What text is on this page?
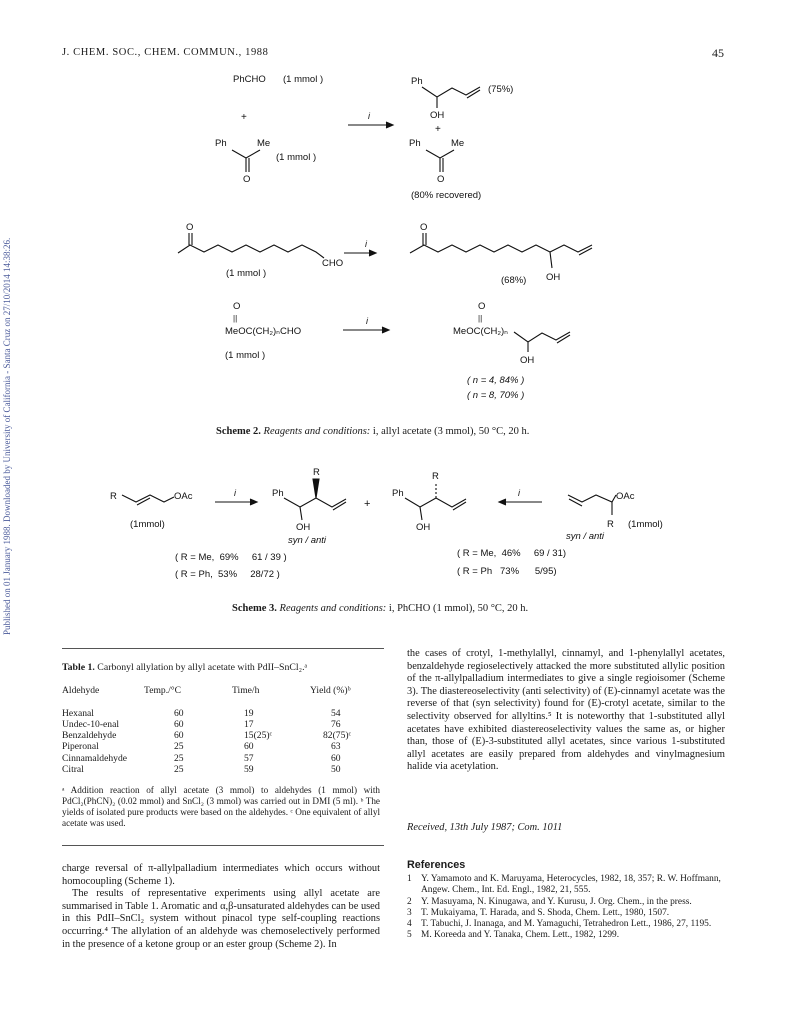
J. CHEM. SOC., CHEM. COMMUN., 1988	45
Published on 01 January 1988. Downloaded by University of California - Santa Cruz on 27/10/2014 14:38:26.
PhCHO (1 mmol )
+
Ph	Me
O
(1 mmol )
i
Ph
(75%)
OH
+
Ph	Me
O
(80% recovered)
O
CHO
(1 mmol )
i
O
(68%) OH
O
||
MeOC(CH₂)ₙCHO
(1 mmol )
i
O
||
MeOC(CH₂)ₙ
OH
( n = 4, 84% )
( n = 8, 70% )
Scheme 2. Reagents and conditions: i, allyl acetate (3 mmol), 50 °C, 20 h.
R	OAc
(1mmol)
i
R
Ph
OH
syn / anti
+
R
Ph
OH
i	OAc
R (1mmol)
syn / anti
( R = Me,  69%     61 / 39 )
( R = Ph,  53%     28/72 )
( R = Me,  46%     69 / 31)
( R = Ph   73%      5/95)
Scheme 3. Reagents and conditions: i, PhCHO (1 mmol), 50 °C, 20 h.
Table 1. Carbonyl allylation by allyl acetate with PdII–SnCl₂.ᵃ
Aldehyde	Temp./°C	Time/h	Yield (%)ᵇ

Hexanal	60	19	54
Undec-10-enal	60	17	76
Benzaldehyde	60	15(25)ᶜ	82(75)ᶜ
Piperonal	25	60	63
Cinnamaldehyde	25	57	60
Citral	25	59	50
ᵃ Addition reaction of allyl acetate (3 mmol) to aldehydes (1 mmol) with PdCl₂(PhCN)₂ (0.02 mmol) and SnCl₂ (3 mmol) was carried out in DMI (5 ml). ᵇ The yields of isolated pure products were based on the aldehydes. ᶜ One equivalent of allyl acetate was used.
charge reversal of π-allylpalladium intermediates which occurs without homocoupling (Scheme 1).
The results of representative experiments using allyl acetate are summarised in Table 1. Aromatic and α,β-unsaturated aldehydes can be used in this PdII–SnCl₂ system without pinacol type self-coupling reactions occurring.⁴ The allylation of an aldehyde was chemoselectively performed in the presence of a ketone group or an ester group (Scheme 2). In
the cases of crotyl, 1-methylallyl, cinnamyl, and 1-phenylallyl acetates, benzaldehyde regioselectively attacked the more substituted allylic position of the π-allylpalladium intermediates to give a single regioisomer (Scheme 3). The diastereoselectivity (anti selectivity) of (E)-cinnamyl acetate was the reverse of that (syn selectivity) found for (E)-crotyl acetate, similar to the selectivity observed for allyltins.⁵ It is noteworthy that 1-substituted allyl acetates have exhibited diastereoselectivity values the same as, or higher than, those of (E)-3-substituted allyl acetates, since various 1-substituted allyl acetates are easily prepared from aldehydes and vinylmagnesium halide via acetylation.
Received, 13th July 1987; Com. 1011
References
1 Y. Yamamoto and K. Maruyama, Heterocycles, 1982, 18, 357; R. W. Hoffmann, Angew. Chem., Int. Ed. Engl., 1982, 21, 555.
2 Y. Masuyama, N. Kinugawa, and Y. Kurusu, J. Org. Chem., in the press.
3 T. Mukaiyama, T. Harada, and S. Shoda, Chem. Lett., 1980, 1507.
4 T. Tabuchi, J. Inanaga, and M. Yamaguchi, Tetrahedron Lett., 1986, 27, 1195.
5 M. Koreeda and Y. Tanaka, Chem. Lett., 1982, 1299.
